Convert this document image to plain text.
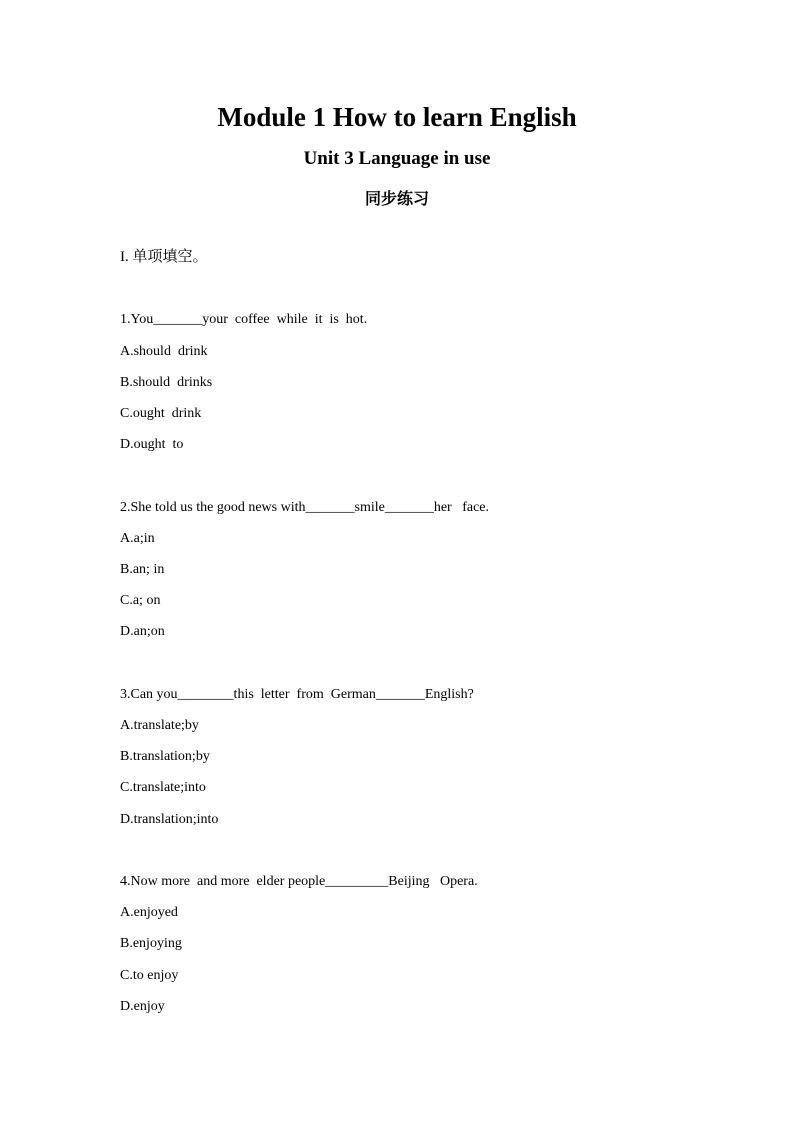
Module 1 How to learn English
Unit 3 Language in use
同步练习
I. 单项填空。
1.You_______your  coffee  while  it  is  hot.
A.should  drink
B.should  drinks
C.ought  drink
D.ought  to
2.She told us the good news with_______smile_______her   face.
A.a;in
B.an; in
C.a; on
D.an;on
3.Can you________this  letter  from  German_______English?
A.translate;by
B.translation;by
C.translate;into
D.translation;into
4.Now more  and more  elder people_________Beijing   Opera.
A.enjoyed
B.enjoying
C.to enjoy
D.enjoy
